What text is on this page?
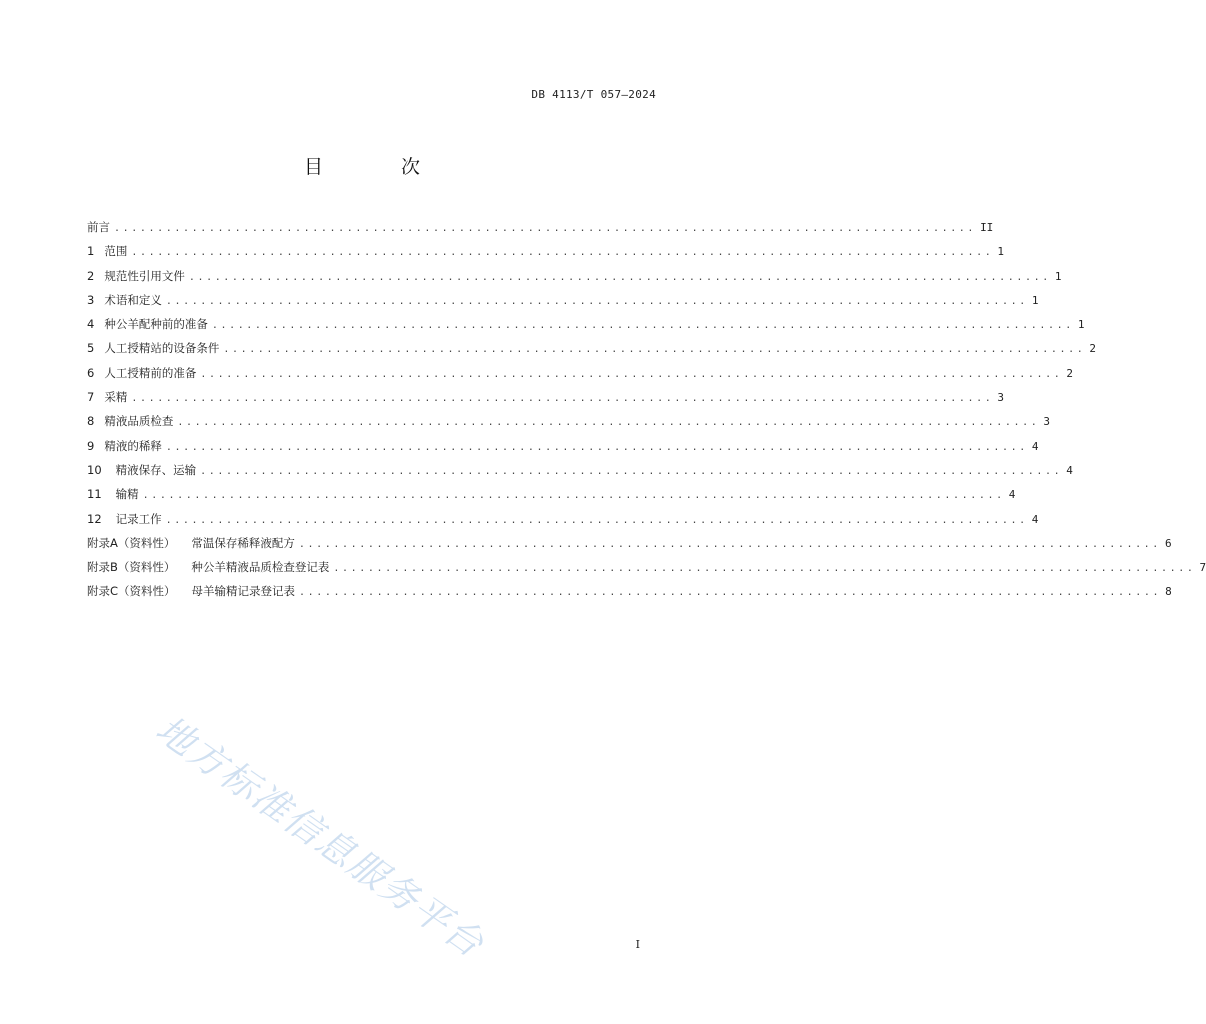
DB 4113/T 057—2024
目 次
前言 .................................................................................................... II
1 范围 .................................................................................................... 1
2 规范性引用文件 .................................................................................................... 1
3 术语和定义 .................................................................................................... 1
4 种公羊配种前的准备 .................................................................................................... 1
5 人工授精站的设备条件 .................................................................................................... 2
6 人工授精前的准备 .................................................................................................... 2
7 采精 .................................................................................................... 3
8 精液品质检查 .................................................................................................... 3
9 精液的稀释 .................................................................................................... 4
10 精液保存、运输 .................................................................................................... 4
11 输精 .................................................................................................... 4
12 记录工作 .................................................................................................... 4
附录A（资料性） 常温保存稀释液配方 .................................................................................................... 6
附录B（资料性） 种公羊精液品质检查登记表 .................................................................................................... 7
附录C（资料性） 母羊输精记录登记表 .................................................................................................... 8
地方标准信息服务平台	I
